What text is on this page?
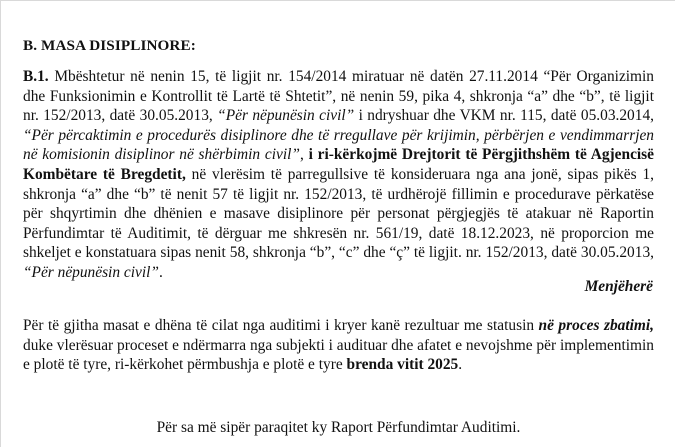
B. MASA DISIPLINORE:

B.1. Mbështetur në nenin 15, të ligjit nr. 154/2014 miratuar në datën 27.11.2014 “Për Organizimin dhe Funksionimin e Kontrollit të Lartë të Shtetit”, në nenin 59, pika 4, shkronja “a” dhe “b”, të ligjit nr. 152/2013, datë 30.05.2013, “Për nëpunësin civil” i ndryshuar dhe VKM nr. 115, datë 05.03.2014, “Për përcaktimin e procedurës disiplinore dhe të rregullave për krijimin, përbërjen e vendimmarrjen në komisionin disiplinor në shërbimin civil”, i ri-kërkojmë Drejtorit të Përgjithshëm të Agjencisë Kombëtare të Bregdetit, në vlerësim të parregullsive të konsideruara nga ana jonë, sipas pikës 1, shkronja “a” dhe “b” të nenit 57 të ligjit nr. 152/2013, të urdhërojë fillimin e procedurave përkatëse për shqyrtimin dhe dhënien e masave disiplinore për personat përgjegjës të atakuar në Raportin Përfundimtar të Auditimit, të dërguar me shkresën nr. 561/19, datë 18.12.2023, në proporcion me shkeljet e konstatuara sipas nenit 58, shkronja “b”, “c” dhe “ç” të ligjit. nr. 152/2013, datë 30.05.2013, “Për nëpunësin civil”.

Menjëherë

Për të gjitha masat e dhëna të cilat nga auditimi i kryer kanë rezultuar me statusin në proces zbatimi, duke vlerësuar proceset e ndërmarra nga subjekti i audituar dhe afatet e nevojshme për implementimin e plotë të tyre, ri-kërkohet përmbushja e plotë e tyre brenda vitit 2025.

Për sa më sipër paraqitet ky Raport Përfundimtar Auditimi.
